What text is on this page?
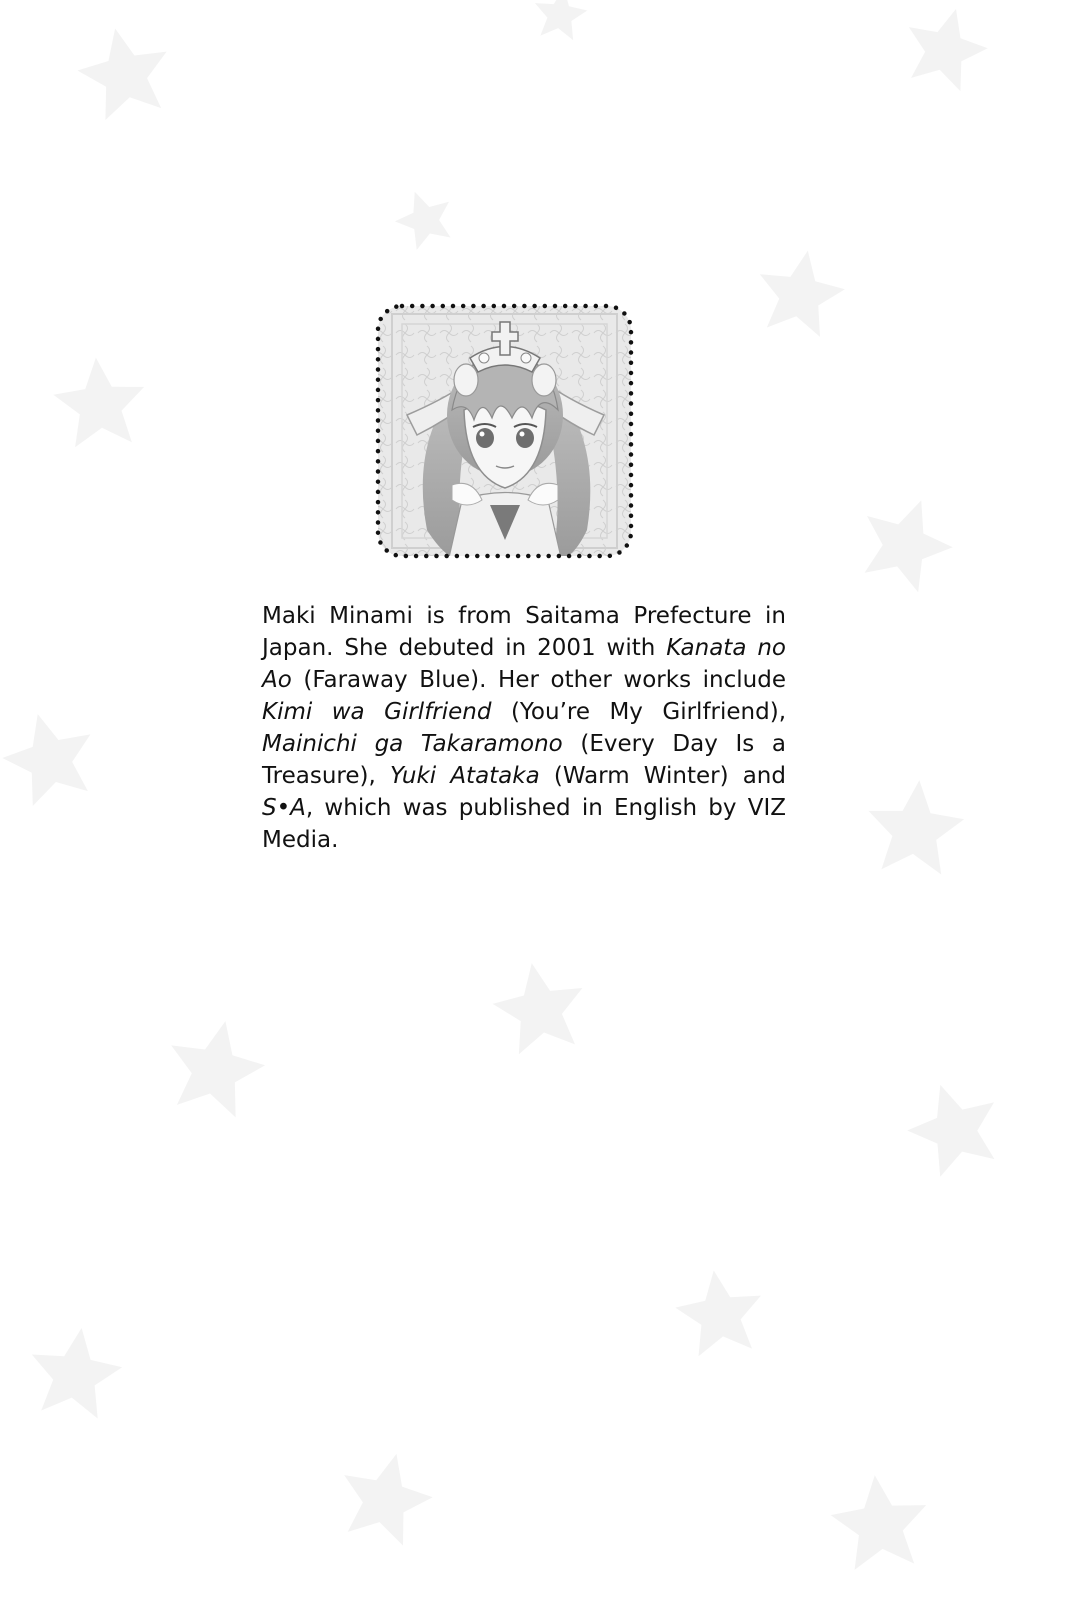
Maki Minami is from Saitama Prefecture in
Japan. She debuted in 2001 with Kanata no
Ao (Faraway Blue). Her other works include
Kimi wa Girlfriend (You’re My Girlfriend),
Mainichi ga Takaramono (Every Day Is a
Treasure), Yuki Atataka (Warm Winter) and
S•A, which was published in English by VIZ
Media.
